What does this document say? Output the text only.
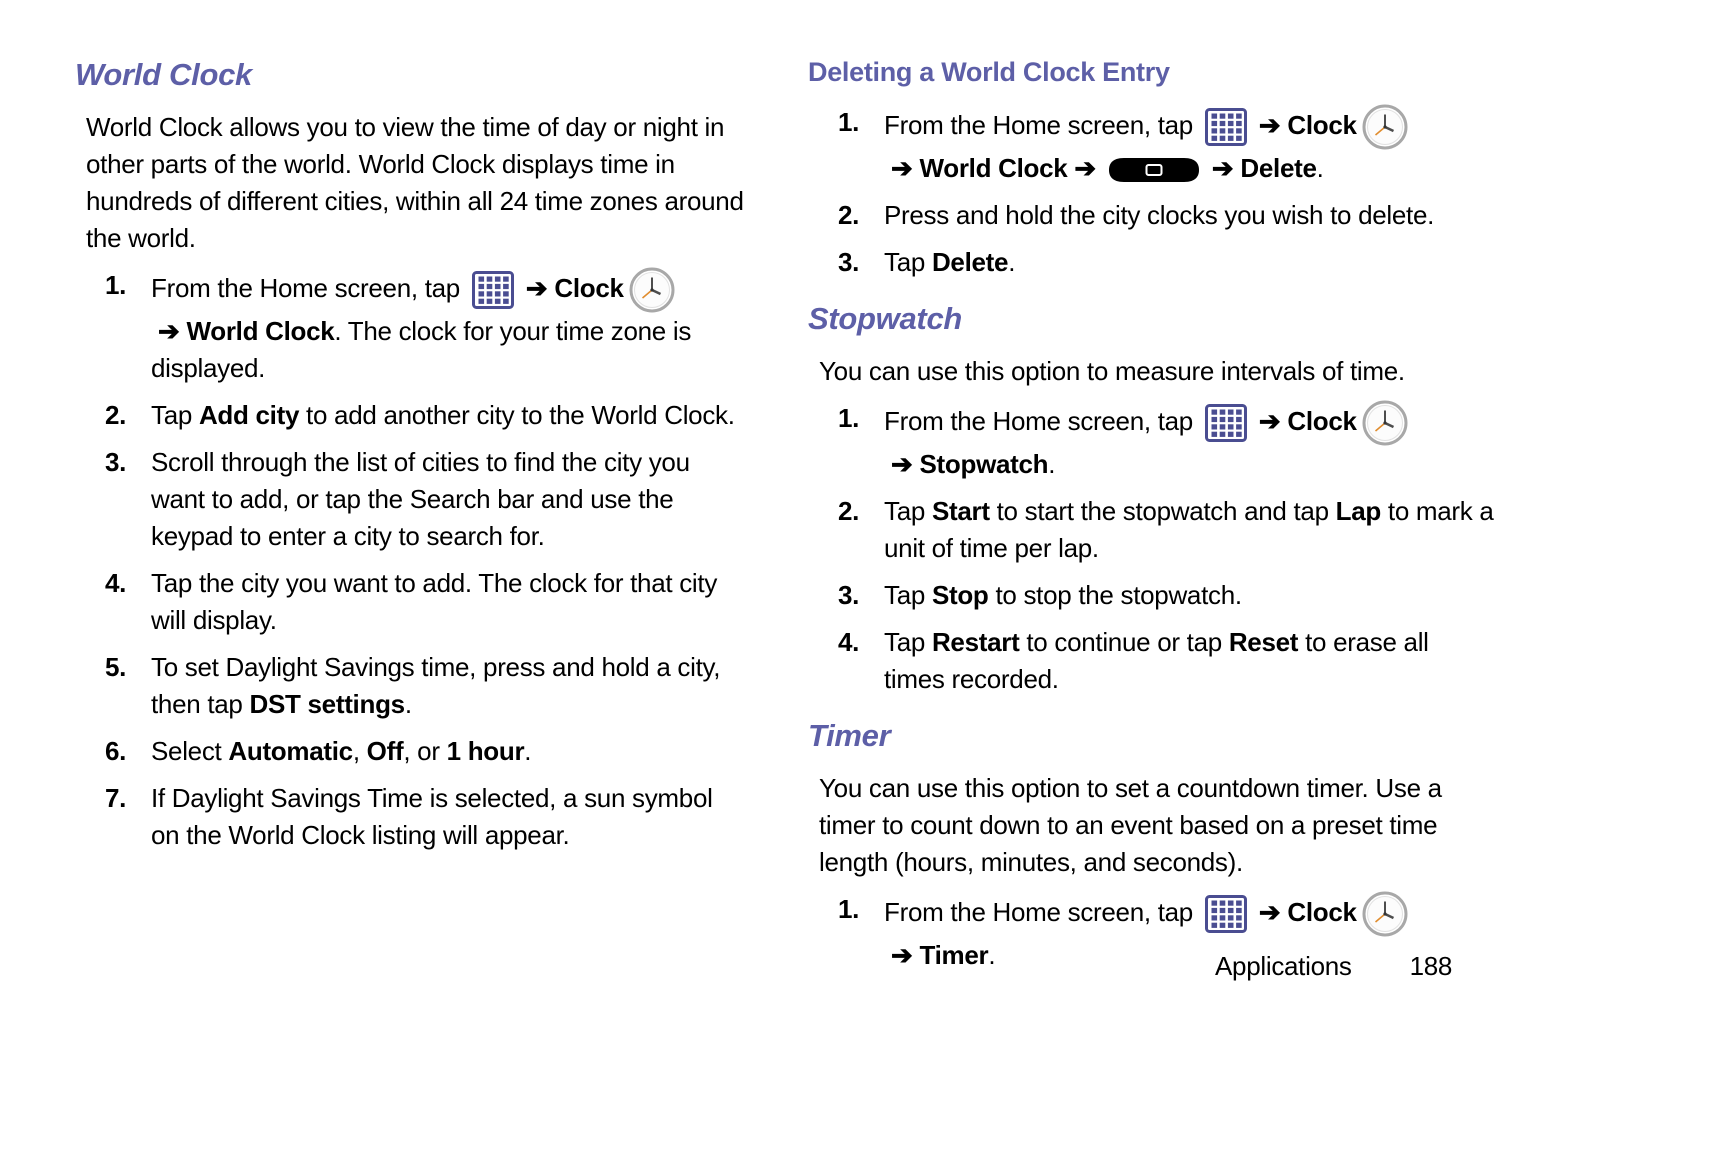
World Clock

World Clock allows you to view the time of day or night in other parts of the world. World Clock displays time in hundreds of different cities, within all 24 time zones around the world.

1. From the Home screen, tap ➔ Clock➔ World Clock. The clock for your time zone is displayed.
2. Tap Add city to add another city to the World Clock.
3. Scroll through the list of cities to find the city you want to add, or tap the Search bar and use the keypad to enter a city to search for.
4. Tap the city you want to add. The clock for that city will display.
5. To set Daylight Savings time, press and hold a city, then tap DST settings.
6. Select Automatic, Off, or 1 hour.
7. If Daylight Savings Time is selected, a sun symbol on the World Clock listing will appear.
Deleting a World Clock Entry
1. From the Home screen, tap ➔ Clock➔ World Clock ➔	➔ Delete.
2. Press and hold the city clocks you wish to delete.
3. Tap Delete.
Stopwatch

You can use this option to measure intervals of time.

1. From the Home screen, tap ➔ Clock➔ Stopwatch.
2. Tap Start to start the stopwatch and tap Lap to mark a unit of time per lap.
3. Tap Stop to stop the stopwatch.
4. Tap Restart to continue or tap Reset to erase all times recorded.
Timer

You can use this option to set a countdown timer. Use a timer to count down to an event based on a preset time length (hours, minutes, and seconds).

1. From the Home screen, tap ➔ Clock➔ Timer.	Applications 188
